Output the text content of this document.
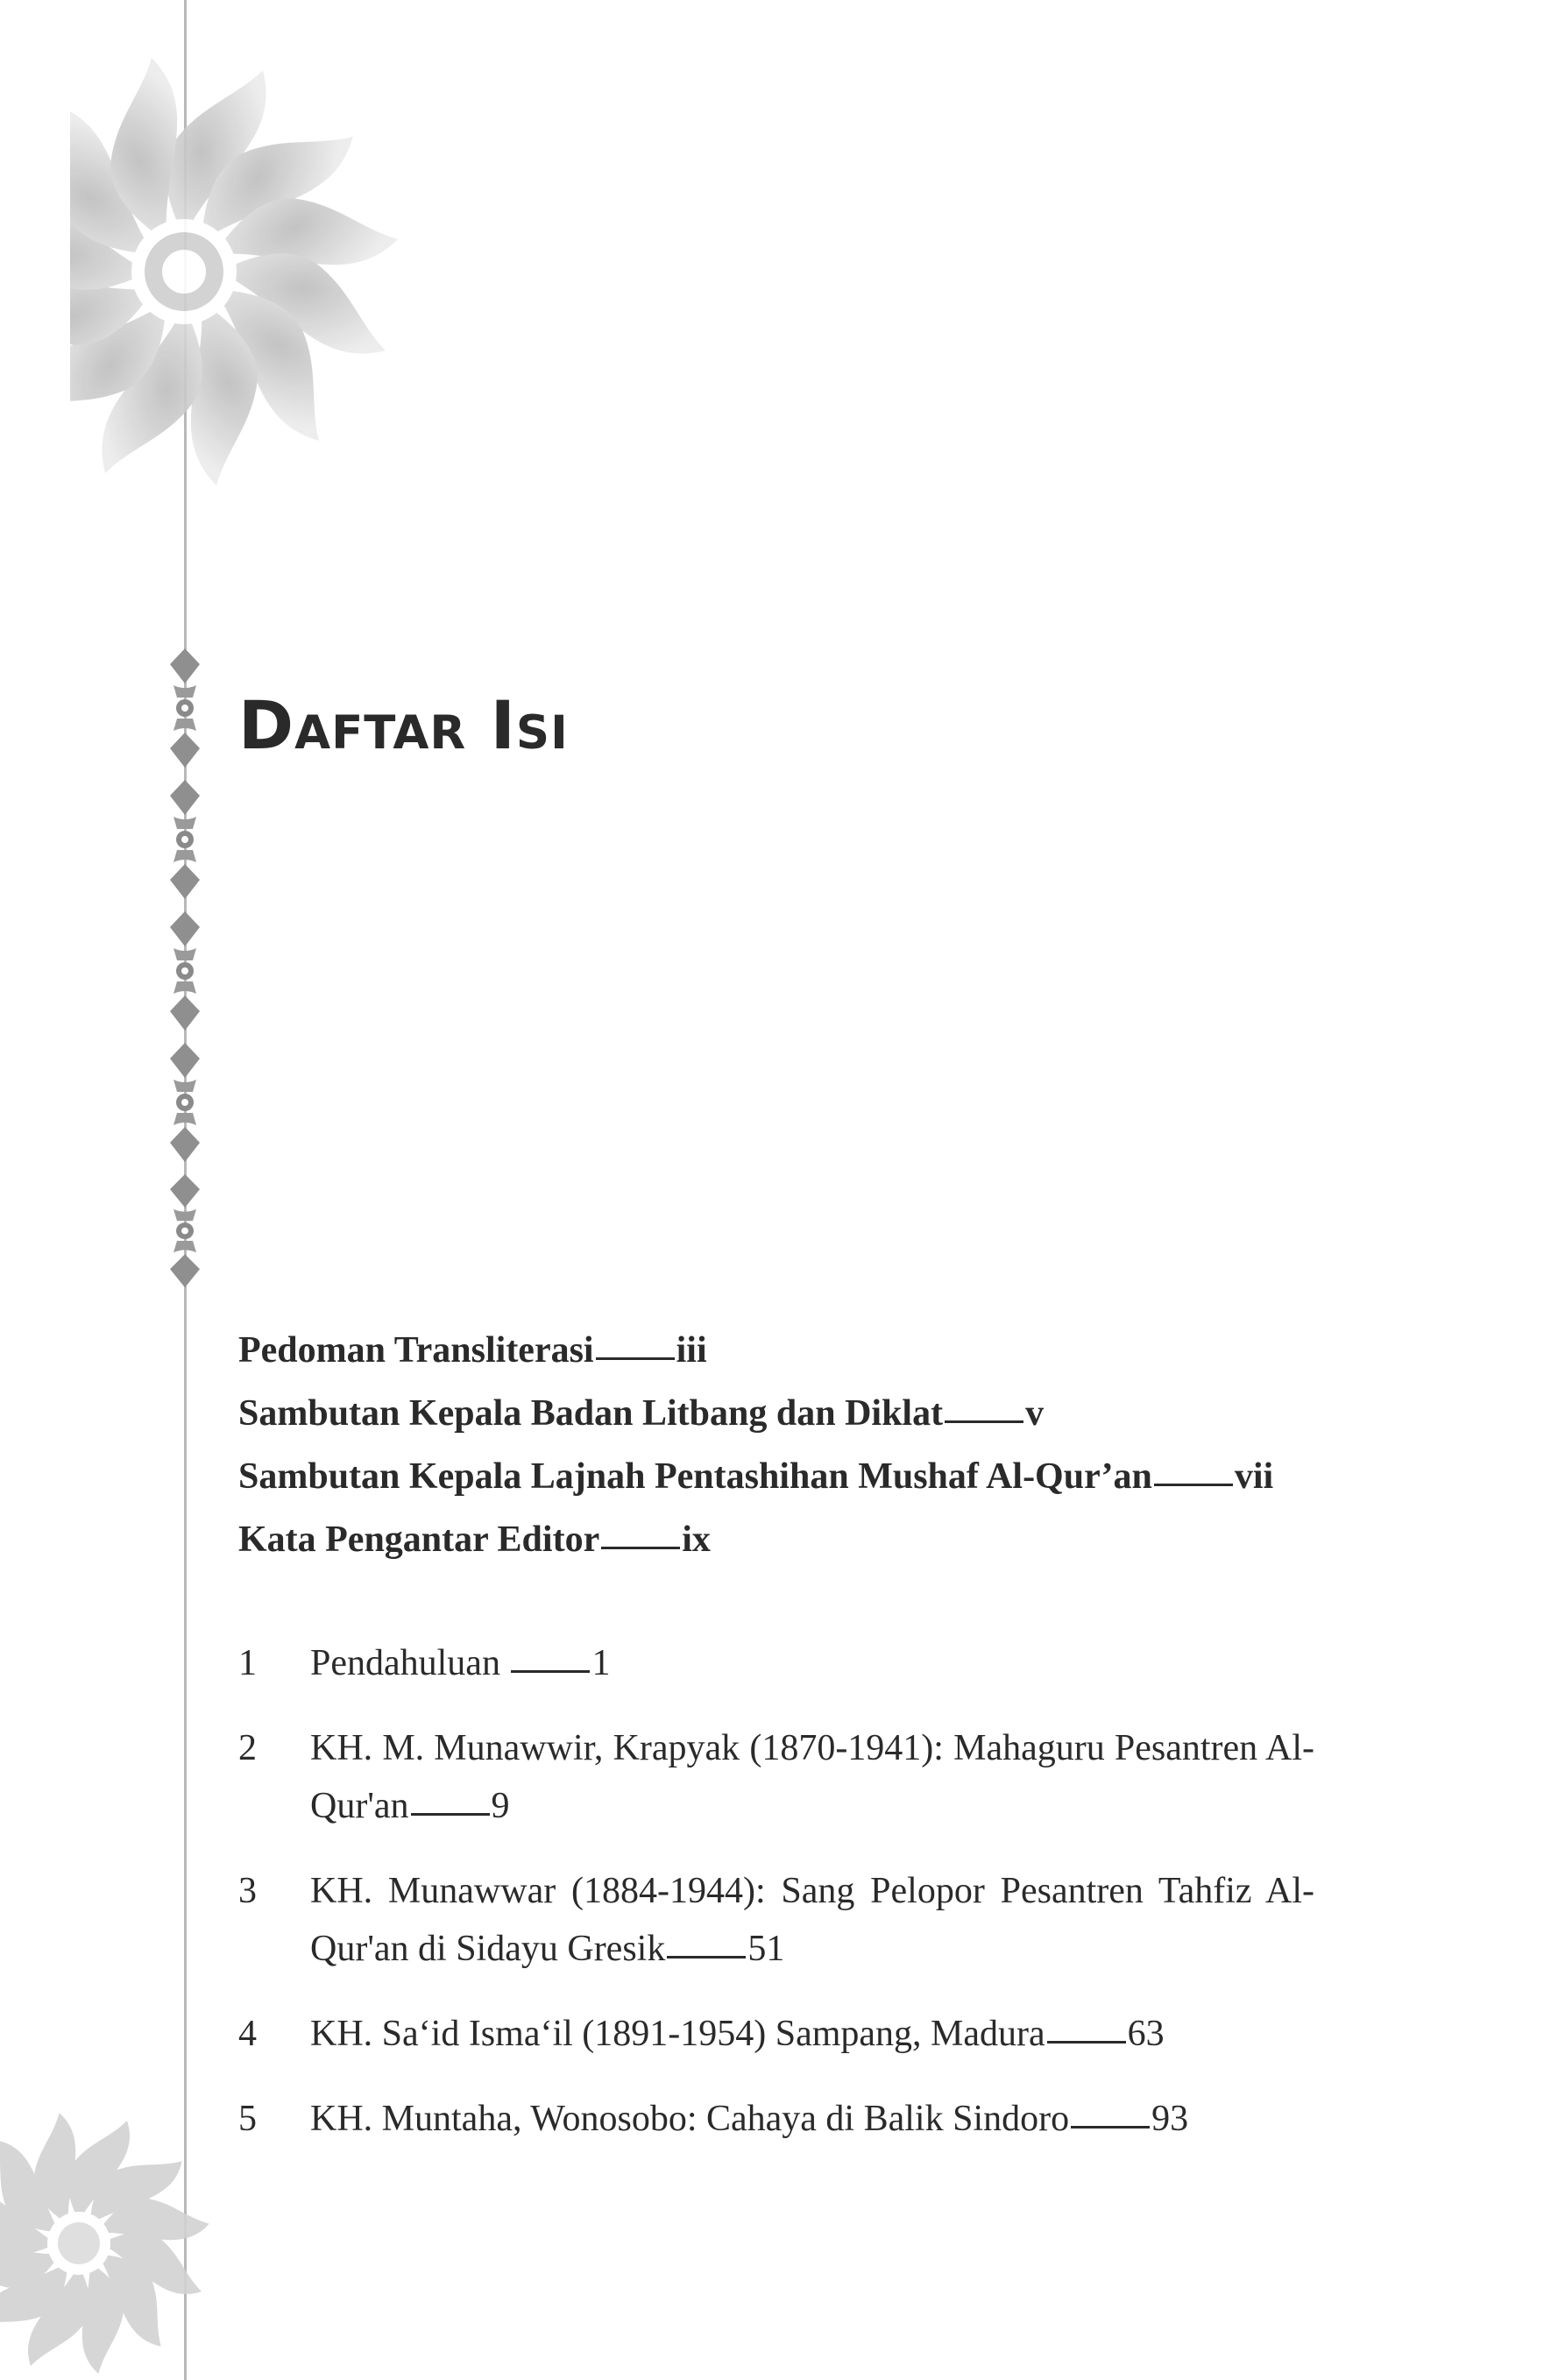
Daftar Isi
Pedoman Transliterasi iii
Sambutan Kepala Badan Litbang dan Diklat v
Sambutan Kepala Lajnah Pentashihan Mushaf Al-Qur’an vii
Kata Pengantar Editor ix
1	Pendahuluan 1
2	KH. M. Munawwir, Krapyak (1870-1941): Mahaguru Pesantren Al-Qur'an 9
3	KH. Munawwar (1884-1944): Sang Pelopor Pesantren Tahfiz Al-Qur'an di Sidayu Gresik 51
4	KH. Sa‘id Isma‘il (1891-1954) Sampang, Madura 63
5	KH. Muntaha, Wonosobo: Cahaya di Balik Sindoro 93
